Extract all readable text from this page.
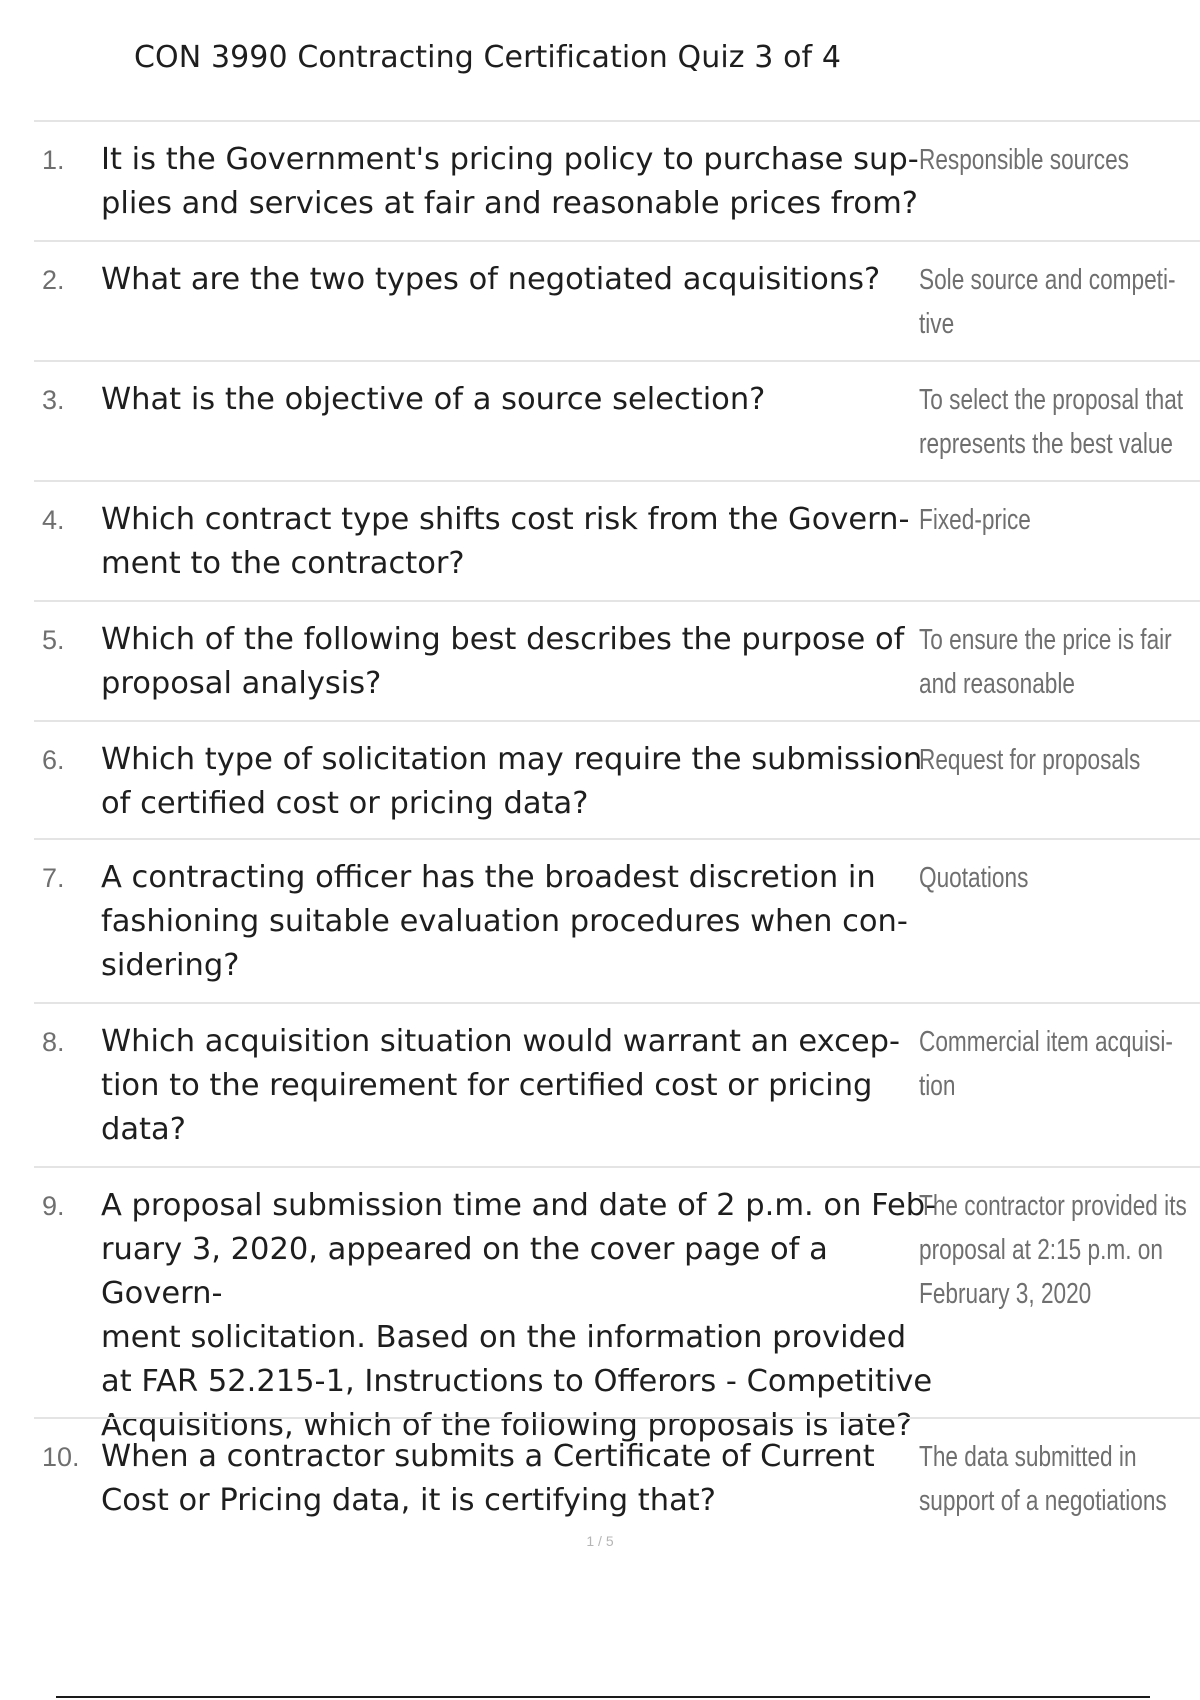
CON 3990 Contracting Certification Quiz 3 of 4
1. It is the Government's pricing policy to purchase sup-
plies and services at fair and reasonable prices from?
Responsible sources
2. What are the two types of negotiated acquisitions?	Sole source and competi-
tive
3. What is the objective of a source selection?	To select the proposal that
represents the best value
4. Which contract type shifts cost risk from the Govern-
ment to the contractor?
Fixed-price
5. Which of the following best describes the purpose of
proposal analysis?
To ensure the price is fair
and reasonable
6. Which type of solicitation may require the submission
of certified cost or pricing data?
Request for proposals
7. A contracting officer has the broadest discretion in
fashioning suitable evaluation procedures when con-
sidering?
Quotations
8. Which acquisition situation would warrant an excep-
tion to the requirement for certified cost or pricing
data?
Commercial item acquisi-
tion
9. A proposal submission time and date of 2 p.m. on Feb-
ruary 3, 2020, appeared on the cover page of a Govern-
ment solicitation. Based on the information provided
at FAR 52.215-1, Instructions to Offerors - Competitive
Acquisitions, which of the following proposals is late?
The contractor provided its
proposal at 2:15 p.m. on
February 3, 2020
10. When a contractor submits a Certificate of Current
Cost or Pricing data, it is certifying that?
The data submitted in
support of a negotiations
1 / 5
